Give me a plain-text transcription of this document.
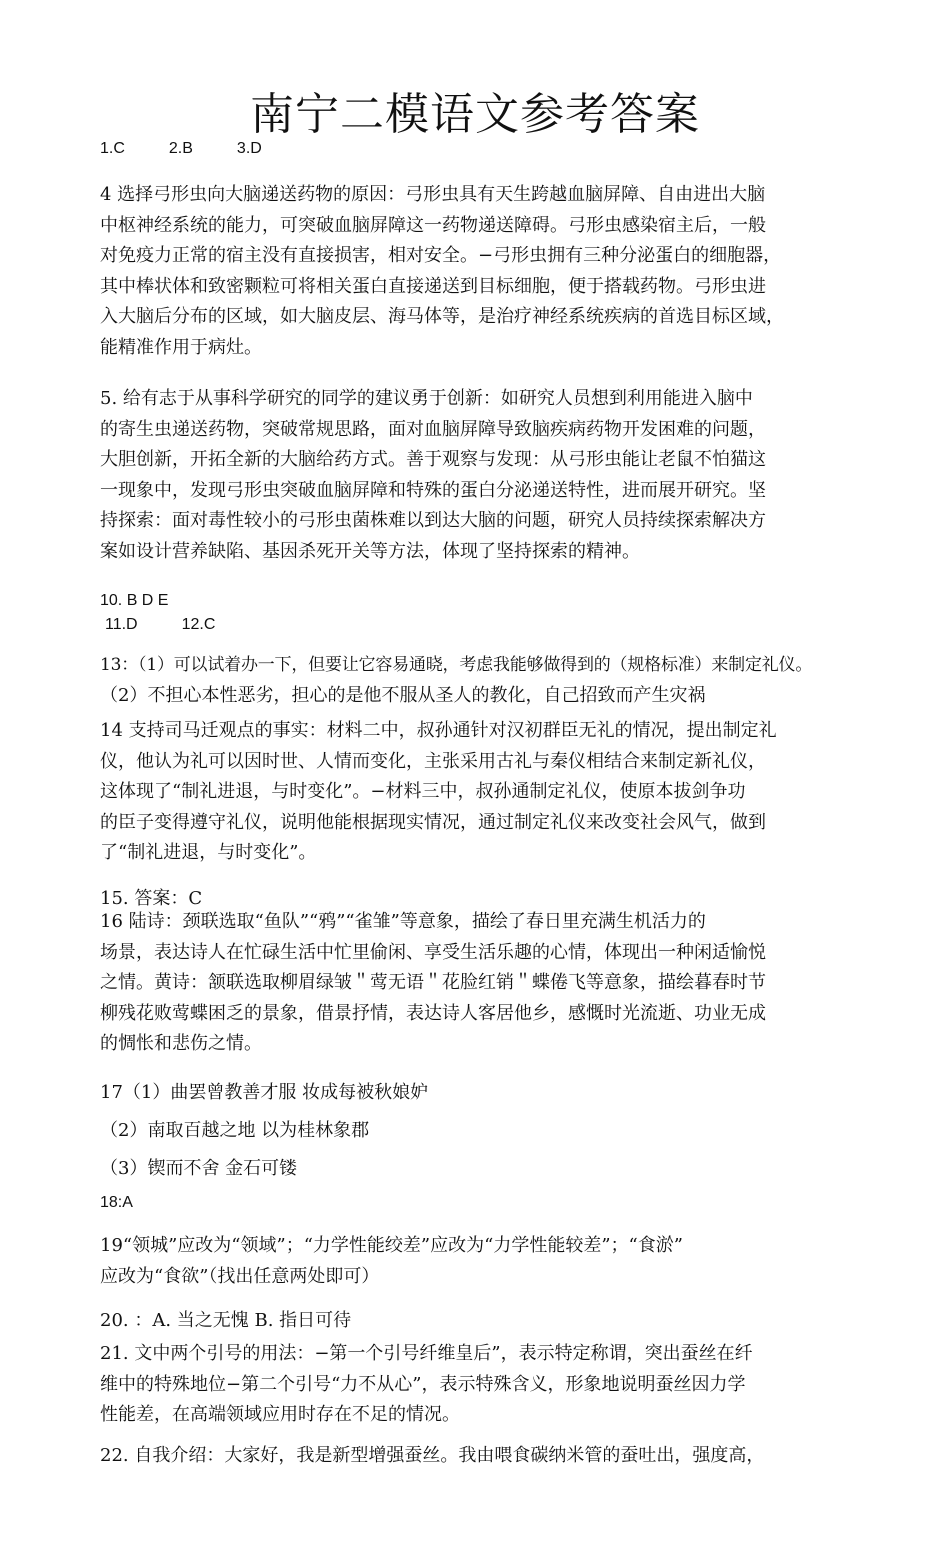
南宁二模语文参考答案
1.C	2.B	3.D
4 选择弓形虫向大脑递送药物的原因：弓形虫具有天生跨越血脑屏障、自由进出大脑
中枢神经系统的能力，可突破血脑屏障这一药物递送障碍。弓形虫感染宿主后，一般
对免疫力正常的宿主没有直接损害，相对安全。−弓形虫拥有三种分泌蛋白的细胞器，
其中棒状体和致密颗粒可将相关蛋白直接递送到目标细胞，便于搭载药物。弓形虫进
入大脑后分布的区域，如大脑皮层、海马体等，是治疗神经系统疾病的首选目标区域，
能精准作用于病灶。
5. 给有志于从事科学研究的同学的建议勇于创新：如研究人员想到利用能进入脑中
的寄生虫递送药物，突破常规思路，面对血脑屏障导致脑疾病药物开发困难的问题，
大胆创新，开拓全新的大脑给药方式。善于观察与发现：从弓形虫能让老鼠不怕猫这
一现象中，发现弓形虫突破血脑屏障和特殊的蛋白分泌递送特性，进而展开研究。坚
持探索：面对毒性较小的弓形虫菌株难以到达大脑的问题，研究人员持续探索解决方
案如设计营养缺陷、基因杀死开关等方法，体现了坚持探索的精神。
10. B D E
11.D	12.C
13：（1）可以试着办一下，但要让它容易通晓，考虑我能够做得到的（规格标准）来制定礼仪。
（2）不担心本性恶劣，担心的是他不服从圣人的教化，自己招致而产生灾祸
14 支持司马迁观点的事实：材料二中，叔孙通针对汉初群臣无礼的情况，提出制定礼
仪，他认为礼可以因时世、人情而变化，主张采用古礼与秦仪相结合来制定新礼仪，
这体现了“制礼进退，与时变化”。−材料三中，叔孙通制定礼仪，使原本拔剑争功
的臣子变得遵守礼仪，说明他能根据现实情况，通过制定礼仪来改变社会风气，做到
了“制礼进退，与时变化”。
15. 答案：C
16 陆诗：颈联选取“鱼队”“鸦”“雀雏”等意象，描绘了春日里充满生机活力的
场景，表达诗人在忙碌生活中忙里偷闲、享受生活乐趣的心情，体现出一种闲适愉悦
之情。黄诗：颔联选取柳眉绿皱＂莺无语＂花脸红销＂蝶倦飞等意象，描绘暮春时节
柳残花败莺蝶困乏的景象，借景抒情，表达诗人客居他乡，感慨时光流逝、功业无成
的惆怅和悲伤之情。
17（1）曲罢曾教善才服 妆成每被秋娘妒
（2）南取百越之地 以为桂林象郡
（3）锲而不舍 金石可镂
18:A
19“领城”应改为“领域”；“力学性能绞差”应改为“力学性能较差”；“食淤”
应改为“食欲”（找出任意两处即可）
20. ：A. 当之无愧 B. 指日可待
21. 文中两个引号的用法：−第一个引号纤维皇后”，表示特定称谓，突出蚕丝在纤
维中的特殊地位−第二个引号“力不从心”，表示特殊含义，形象地说明蚕丝因力学
性能差，在高端领域应用时存在不足的情况。
22. 自我介绍：大家好，我是新型增强蚕丝。我由喂食碳纳米管的蚕吐出，强度高，
